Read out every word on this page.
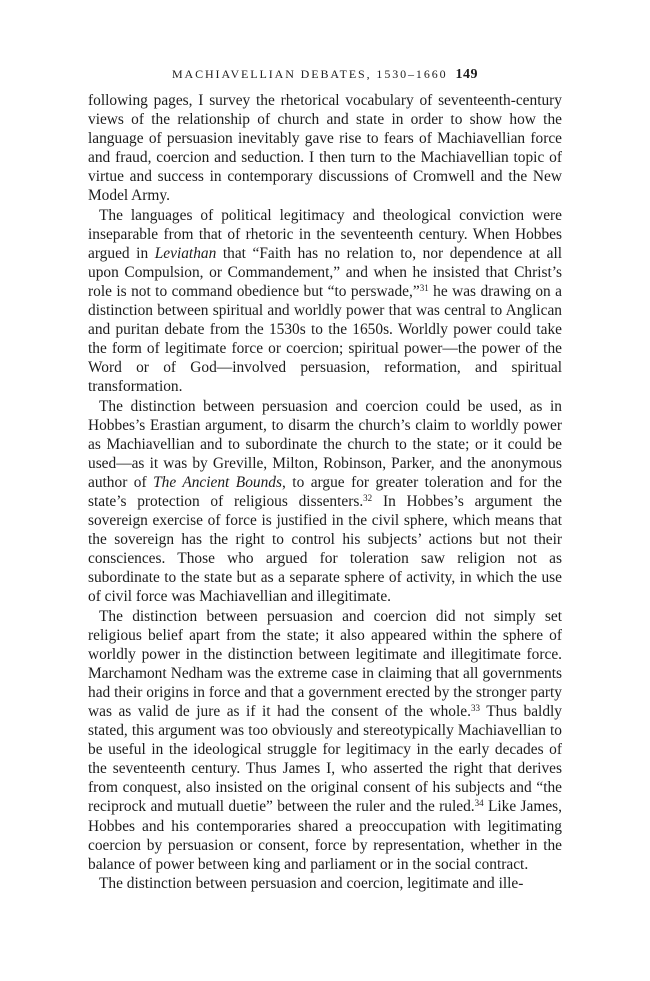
MACHIAVELLIAN DEBATES, 1530–1660 149

following pages, I survey the rhetorical vocabulary of seventeenth-century views of the relationship of church and state in order to show how the language of persuasion inevitably gave rise to fears of Machiavellian force and fraud, coercion and seduction. I then turn to the Machiavellian topic of virtue and success in contemporary discussions of Cromwell and the New Model Army.

The languages of political legitimacy and theological conviction were inseparable from that of rhetoric in the seventeenth century. When Hobbes argued in Leviathan that “Faith has no relation to, nor dependence at all upon Compulsion, or Commandement,” and when he insisted that Christ’s role is not to command obedience but “to perswade,”$^{31}$ he was drawing on a distinction between spiritual and worldly power that was central to Anglican and puritan debate from the 1530s to the 1650s. Worldly power could take the form of legitimate force or coercion; spiritual power—the power of the Word or of God—involved persuasion, reformation, and spiritual transformation.

The distinction between persuasion and coercion could be used, as in Hobbes’s Erastian argument, to disarm the church’s claim to worldly power as Machiavellian and to subordinate the church to the state; or it could be used—as it was by Greville, Milton, Robinson, Parker, and the anonymous author of The Ancient Bounds, to argue for greater toleration and for the state’s protection of religious dissenters.$^{32}$ In Hobbes’s argument the sovereign exercise of force is justified in the civil sphere, which means that the sovereign has the right to control his subjects’ actions but not their consciences. Those who argued for toleration saw religion not as subordinate to the state but as a separate sphere of activity, in which the use of civil force was Machiavellian and illegitimate.

The distinction between persuasion and coercion did not simply set religious belief apart from the state; it also appeared within the sphere of worldly power in the distinction between legitimate and illegitimate force. Marchamont Nedham was the extreme case in claiming that all governments had their origins in force and that a government erected by the stronger party was as valid de jure as if it had the consent of the whole.$^{33}$ Thus baldly stated, this argument was too obviously and stereotypically Machiavellian to be useful in the ideological struggle for legitimacy in the early decades of the seventeenth century. Thus James I, who asserted the right that derives from conquest, also insisted on the original consent of his subjects and “the reciprock and mutuall duetie” between the ruler and the ruled.$^{34}$ Like James, Hobbes and his contemporaries shared a preoccupation with legitimating coercion by persuasion or consent, force by representation, whether in the balance of power between king and parliament or in the social contract.

The distinction between persuasion and coercion, legitimate and ille-
